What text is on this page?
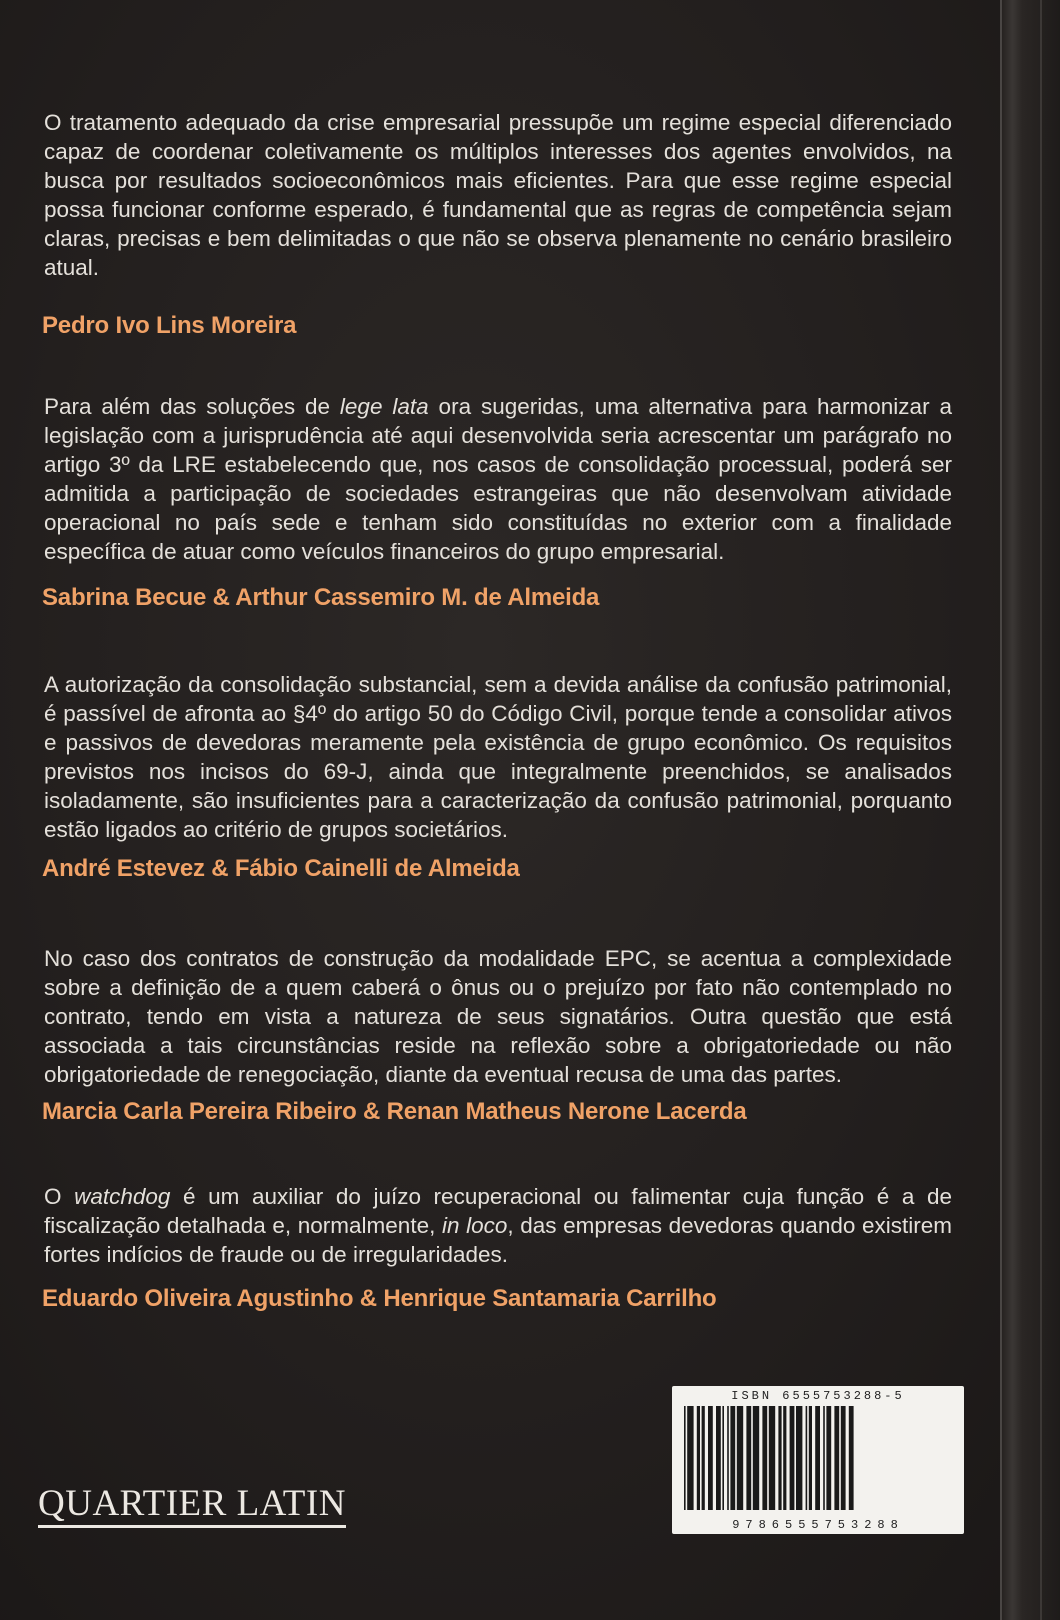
O tratamento adequado da crise empresarial pressupõe um regime especial diferenciado capaz de coordenar coletivamente os múltiplos interesses dos agentes envolvidos, na busca por resultados socioeconômicos mais eficientes. Para que esse regime especial possa funcionar conforme esperado, é fundamental que as regras de competência sejam claras, precisas e bem delimitadas o que não se observa plenamente no cenário brasileiro atual.

Pedro Ivo Lins Moreira

Para além das soluções de lege lata ora sugeridas, uma alternativa para harmonizar a legislação com a jurisprudência até aqui desenvolvida seria acrescentar um parágrafo no artigo 3º da LRE estabelecendo que, nos casos de consolidação processual, poderá ser admitida a participação de sociedades estrangeiras que não desenvolvam atividade operacional no país sede e tenham sido constituídas no exterior com a finalidade específica de atuar como veículos financeiros do grupo empresarial.

Sabrina Becue & Arthur Cassemiro M. de Almeida

A autorização da consolidação substancial, sem a devida análise da confusão patrimonial, é passível de afronta ao §4º do artigo 50 do Código Civil, porque tende a consolidar ativos e passivos de devedoras meramente pela existência de grupo econômico. Os requisitos previstos nos incisos do 69-J, ainda que integralmente preenchidos, se analisados isoladamente, são insuficientes para a caracterização da confusão patrimonial, porquanto estão ligados ao critério de grupos societários.

André Estevez & Fábio Cainelli de Almeida

No caso dos contratos de construção da modalidade EPC, se acentua a complexidade sobre a definição de a quem caberá o ônus ou o prejuízo por fato não contemplado no contrato, tendo em vista a natureza de seus signatários. Outra questão que está associada a tais circunstâncias reside na reflexão sobre a obrigatoriedade ou não obrigatoriedade de renegociação, diante da eventual recusa de uma das partes.

Marcia Carla Pereira Ribeiro & Renan Matheus Nerone Lacerda

O watchdog é um auxiliar do juízo recuperacional ou falimentar cuja função é a de fiscalização detalhada e, normalmente, in loco, das empresas devedoras quando existirem fortes indícios de fraude ou de irregularidades.

Eduardo Oliveira Agustinho & Henrique Santamaria Carrilho
QUARTIER LATIN
ISBN 6555753288-5
9786555753288
